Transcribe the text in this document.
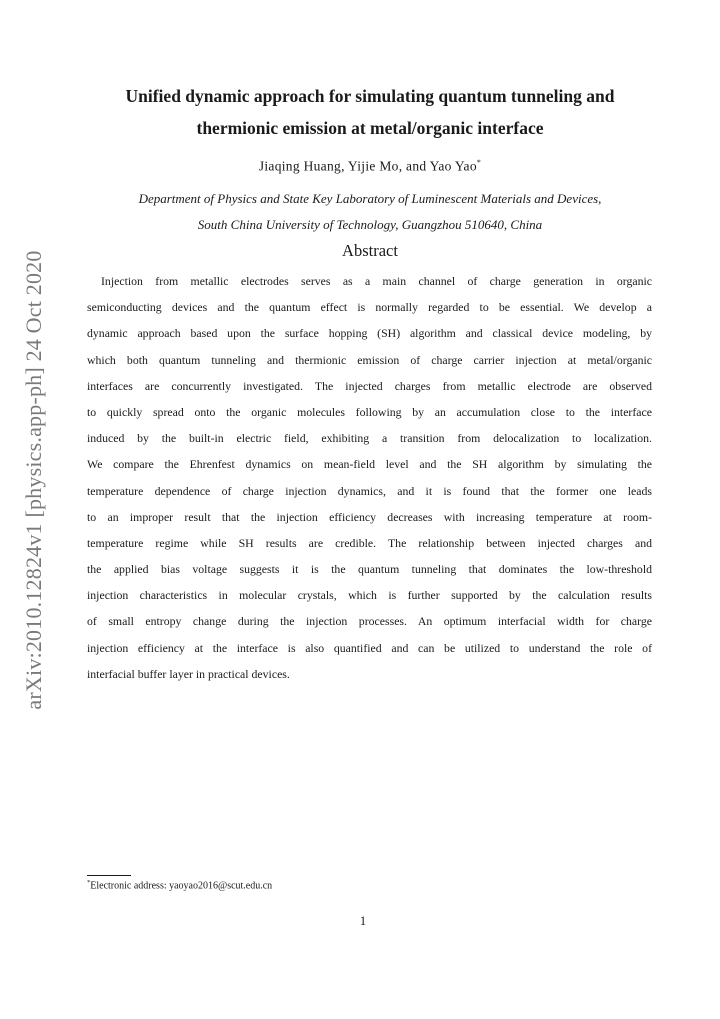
arXiv:2010.12824v1 [physics.app-ph] 24 Oct 2020
Unified dynamic approach for simulating quantum tunneling and
thermionic emission at metal/organic interface
Jiaqing Huang, Yijie Mo, and Yao Yao*
Department of Physics and State Key Laboratory of Luminescent Materials and Devices,
South China University of Technology, Guangzhou 510640, China
Abstract
Injection from metallic electrodes serves as a main channel of charge generation in organic
semiconducting devices and the quantum effect is normally regarded to be essential. We develop a
dynamic approach based upon the surface hopping (SH) algorithm and classical device modeling, by
which both quantum tunneling and thermionic emission of charge carrier injection at metal/organic
interfaces are concurrently investigated. The injected charges from metallic electrode are observed
to quickly spread onto the organic molecules following by an accumulation close to the interface
induced by the built-in electric field, exhibiting a transition from delocalization to localization.
We compare the Ehrenfest dynamics on mean-field level and the SH algorithm by simulating the
temperature dependence of charge injection dynamics, and it is found that the former one leads
to an improper result that the injection efficiency decreases with increasing temperature at room-
temperature regime while SH results are credible. The relationship between injected charges and
the applied bias voltage suggests it is the quantum tunneling that dominates the low-threshold
injection characteristics in molecular crystals, which is further supported by the calculation results
of small entropy change during the injection processes. An optimum interfacial width for charge
injection efficiency at the interface is also quantified and can be utilized to understand the role of
interfacial buffer layer in practical devices.
*Electronic address: yaoyao2016@scut.edu.cn
1
